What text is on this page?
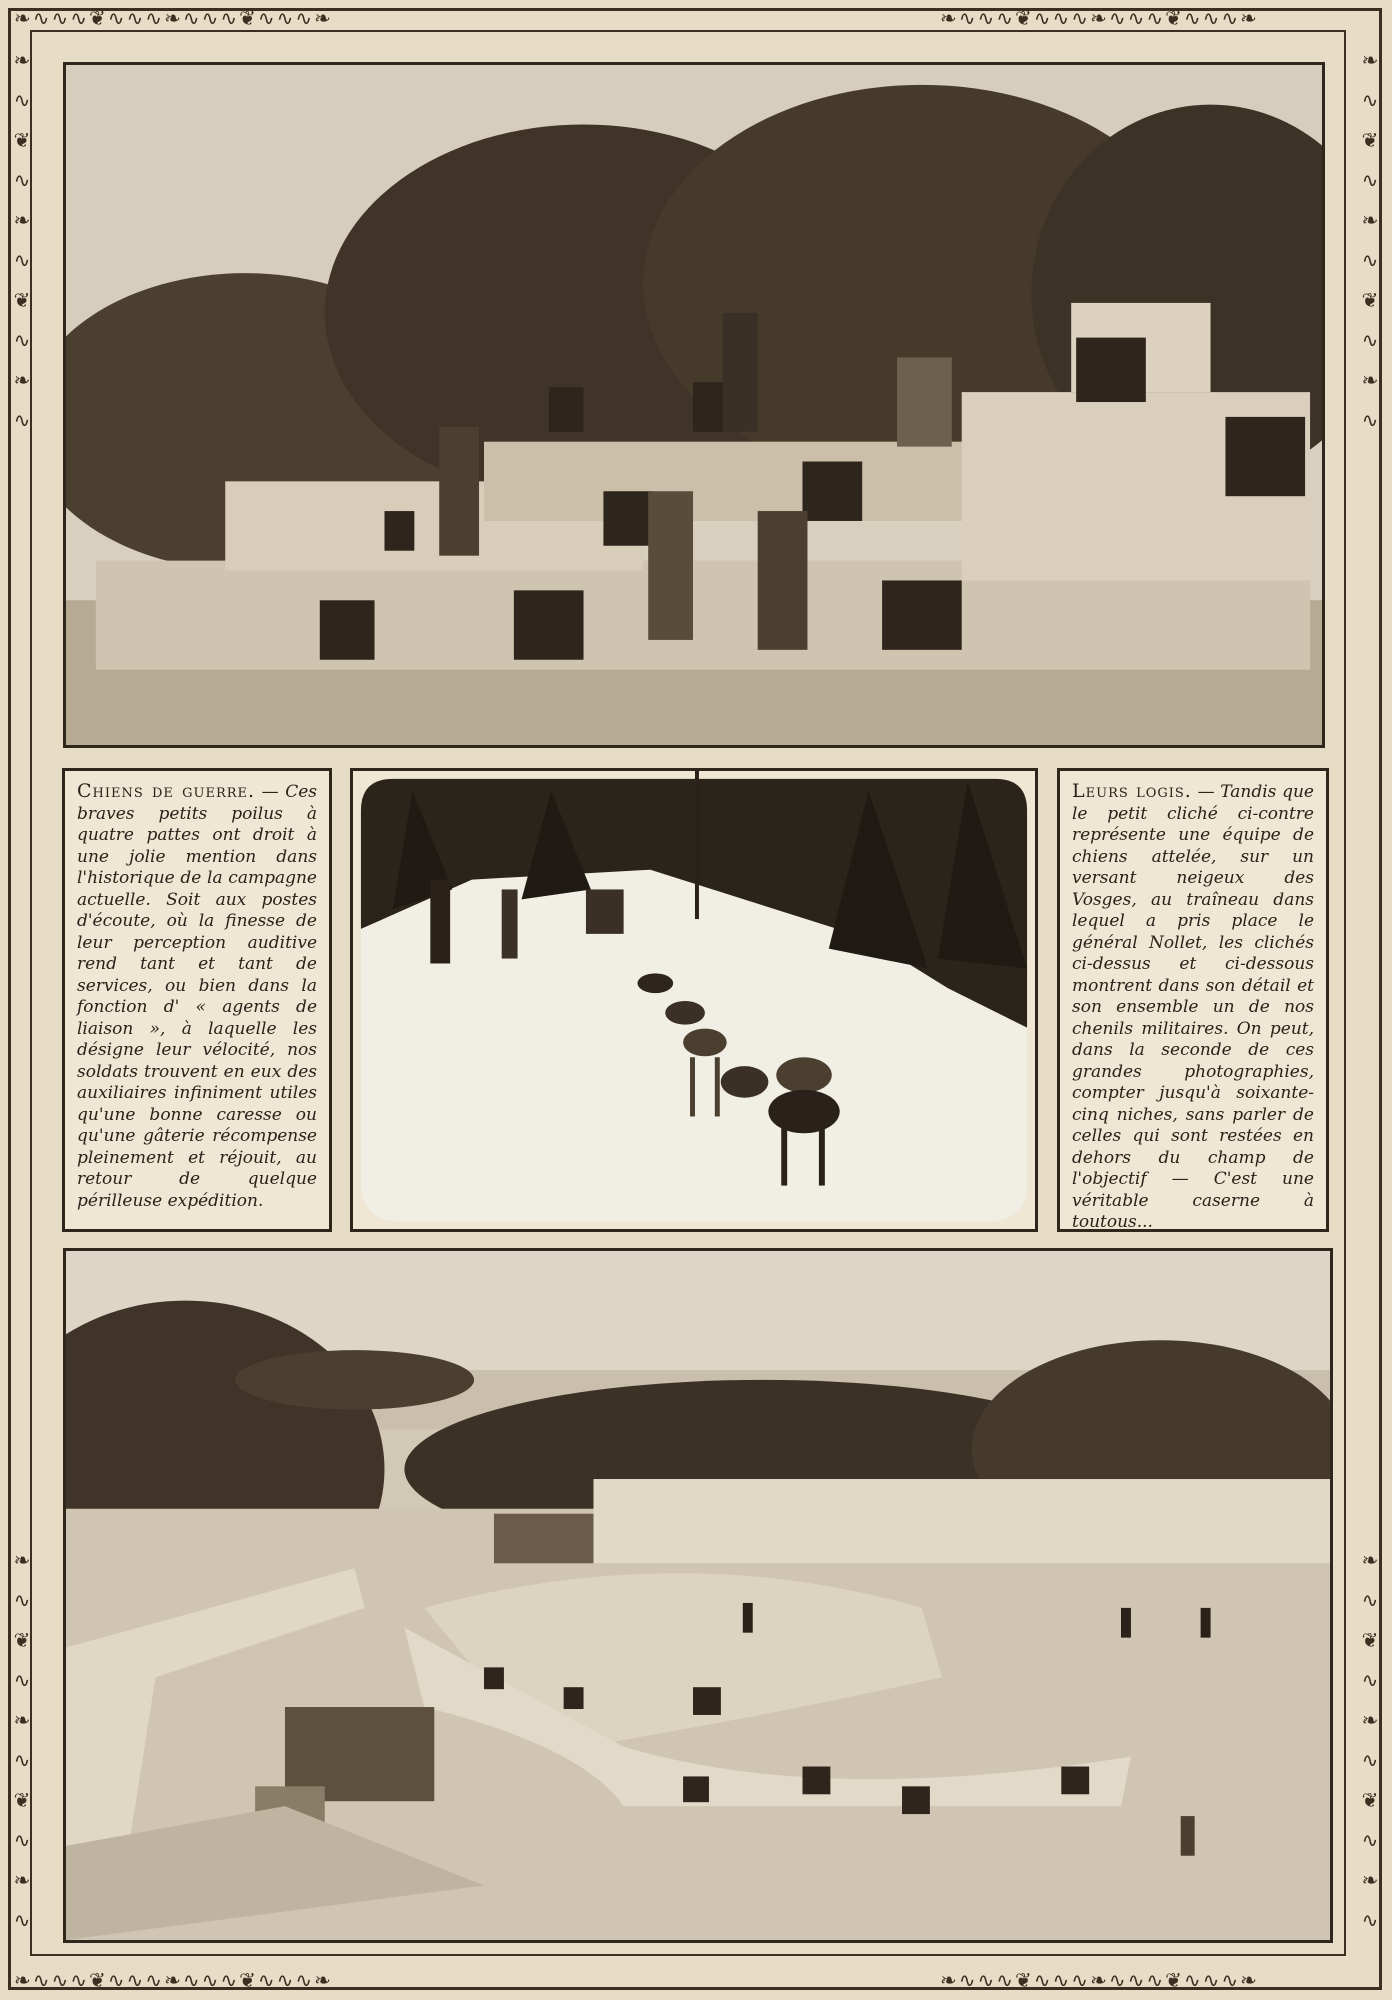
❧∿∿∿❦∿∿∿❧∿∿∿❦∿∿∿❧	❧∿∿∿❦∿∿∿❧∿∿∿❦∿∿∿❧
❧∿∿∿❦∿∿∿❧∿∿∿❦∿∿∿❧	❧∿∿∿❦∿∿∿❧∿∿∿❦∿∿∿❧
❧
∿
❦
∿
❧
∿
❦
∿
❧
∿
❧
∿
❦
∿
❧
∿
❦
∿
❧
∿
❧
∿
❦
∿
❧
∿
❦
∿
❧
∿
❧
∿
❦
∿
❧
∿
❦
∿
❧
∿
Chiens de guerre. — Ces braves petits poilus à quatre pattes ont droit à une jolie mention dans l'historique de la campagne actuelle. Soit aux postes d'écoute, où la finesse de leur perception auditive rend tant et tant de services, ou bien dans la fonction d' « agents de liaison », à laquelle les désigne leur vélocité, nos soldats trouvent en eux des auxiliaires infiniment utiles qu'une bonne caresse ou qu'une gâterie récompense pleinement et réjouit, au retour de quelque périlleuse expédition.
Leurs logis. — Tandis que le petit cliché ci-contre représente une équipe de chiens attelée, sur un versant neigeux des Vosges, au traîneau dans lequel a pris place le général Nollet, les clichés ci-dessus et ci-dessous montrent dans son détail et son ensemble un de nos chenils militaires. On peut, dans la seconde de ces grandes photographies, compter jusqu'à soixante-cinq niches, sans parler de celles qui sont restées en dehors du champ de l'objectif — C'est une véritable caserne à toutous...
